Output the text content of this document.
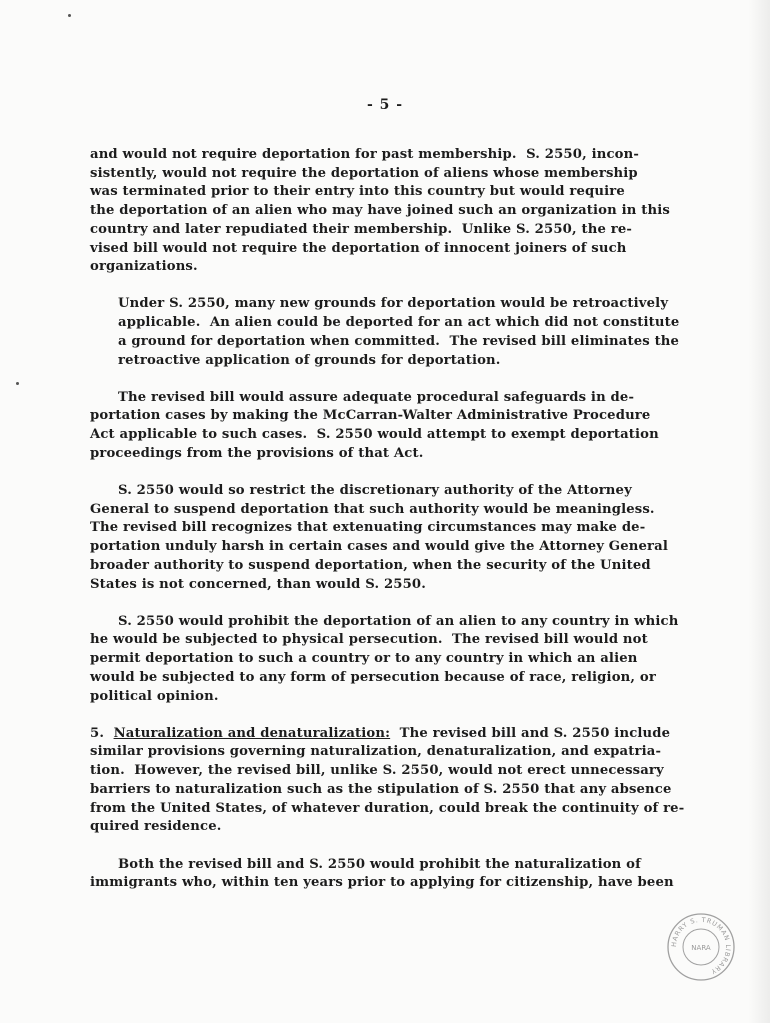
- 5 -

and would not require deportation for past membership.  S. 2550, incon-
sistently, would not require the deportation of aliens whose membership
was terminated prior to their entry into this country but would require
the deportation of an alien who may have joined such an organization in this
country and later repudiated their membership.  Unlike S. 2550, the re-
vised bill would not require the deportation of innocent joiners of such
organizations.

Under S. 2550, many new grounds for deportation would be retroactively
applicable.  An alien could be deported for an act which did not constitute
a ground for deportation when committed.  The revised bill eliminates the
retroactive application of grounds for deportation.

The revised bill would assure adequate procedural safeguards in de-
portation cases by making the McCarran-Walter Administrative Procedure
Act applicable to such cases.  S. 2550 would attempt to exempt deportation
proceedings from the provisions of that Act.

S. 2550 would so restrict the discretionary authority of the Attorney
General to suspend deportation that such authority would be meaningless.
The revised bill recognizes that extenuating circumstances may make de-
portation unduly harsh in certain cases and would give the Attorney General
broader authority to suspend deportation, when the security of the United
States is not concerned, than would S. 2550.

S. 2550 would prohibit the deportation of an alien to any country in which
he would be subjected to physical persecution.  The revised bill would not
permit deportation to such a country or to any country in which an alien
would be subjected to any form of persecution because of race, religion, or
political opinion.

5. Naturalization and denaturalization: The revised bill and S. 2550 include
similar provisions governing naturalization, denaturalization, and expatria-
tion.  However, the revised bill, unlike S. 2550, would not erect unnecessary
barriers to naturalization such as the stipulation of S. 2550 that any absence
from the United States, of whatever duration, could break the continuity of re-
quired residence.

Both the revised bill and S. 2550 would prohibit the naturalization of
immigrants who, within ten years prior to applying for citizenship, have been

HARRY S. TRUMAN LIBRARY
NARA
